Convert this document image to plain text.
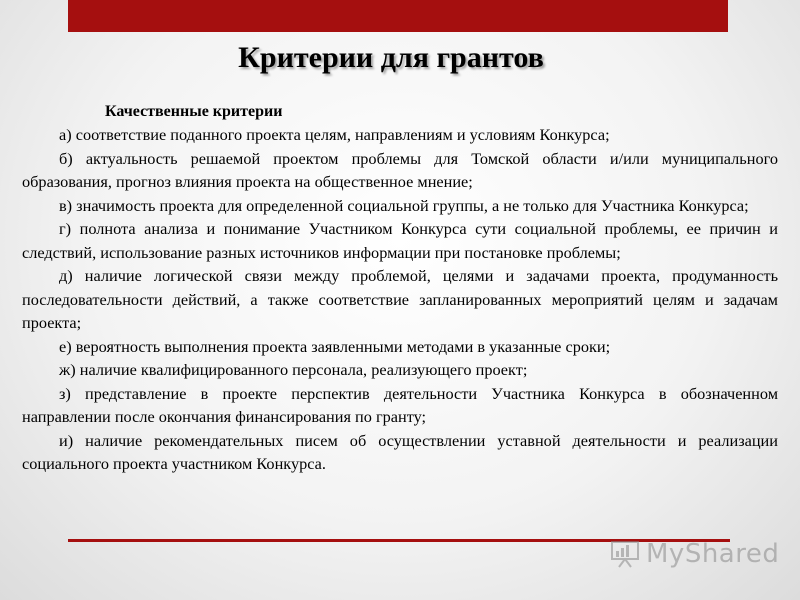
Критерии для грантов
Качественные критерии

а) соответствие поданного проекта целям, направлениям и условиям Конкурса;

б) актуальность решаемой проектом проблемы для Томской области и/или муниципального образования, прогноз влияния проекта на общественное мнение;

в) значимость проекта для определенной социальной группы, а не только для Участника Конкурса;

г) полнота анализа и понимание Участником Конкурса сути социальной проблемы, ее причин и следствий, использование разных источников информации при постановке проблемы;

д) наличие логической связи между проблемой, целями и задачами проекта, продуманность последовательности действий, а также соответствие запланированных мероприятий целям и задачам проекта;

е) вероятность выполнения проекта заявленными методами в указанные сроки;

ж) наличие квалифицированного персонала, реализующего проект;

з) представление в проекте перспектив деятельности Участника Конкурса в обозначенном направлении после окончания финансирования по гранту;

и) наличие рекомендательных писем об осуществлении уставной деятельности и реализации социального проекта участником Конкурса.

MyShared
